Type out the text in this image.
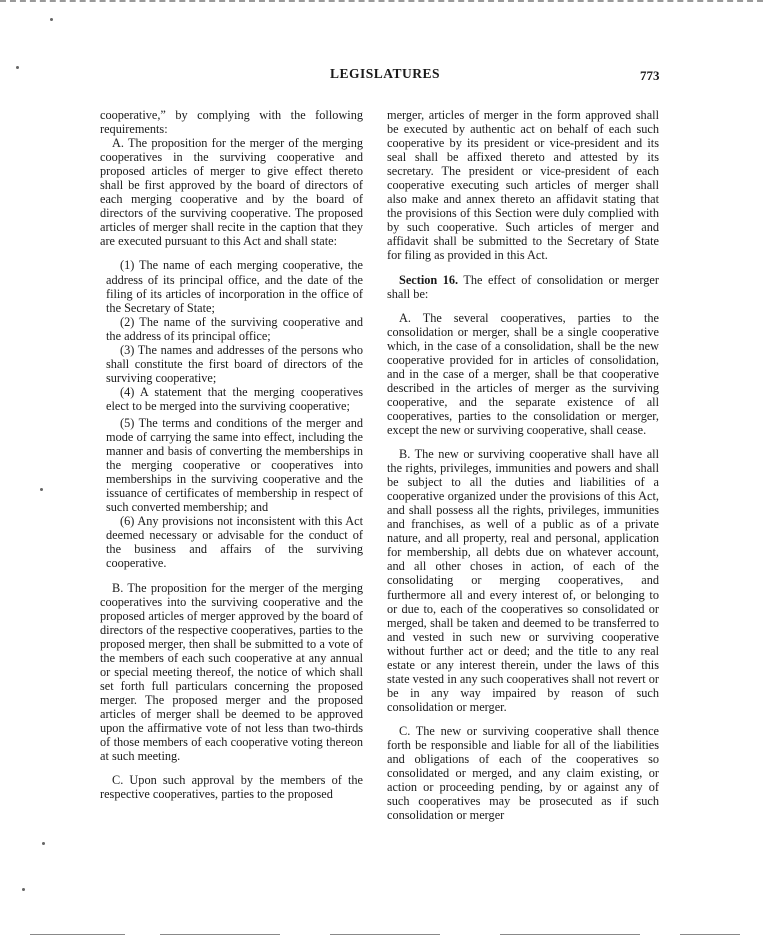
LEGISLATURES	773

cooperative,” by complying with the following requirements:

A. The proposition for the merger of the merging cooperatives in the surviving cooperative and proposed articles of merger to give effect thereto shall be first approved by the board of directors of each merging cooperative and by the board of directors of the surviving cooperative. The proposed articles of merger shall recite in the caption that they are executed pursuant to this Act and shall state:

(1) The name of each merging cooperative, the address of its principal office, and the date of the filing of its articles of incorporation in the office of the Secretary of State;

(2) The name of the surviving cooperative and the address of its principal office;

(3) The names and addresses of the persons who shall constitute the first board of directors of the surviving cooperative;

(4) A statement that the merging cooperatives elect to be merged into the surviving cooperative;

(5) The terms and conditions of the merger and mode of carrying the same into effect, including the manner and basis of converting the memberships in the merging cooperative or cooperatives into memberships in the surviving cooperative and the issuance of certificates of membership in respect of such converted membership; and

(6) Any provisions not inconsistent with this Act deemed necessary or advisable for the conduct of the business and affairs of the surviving cooperative.

B. The proposition for the merger of the merging cooperatives into the surviving cooperative and the proposed articles of merger approved by the board of directors of the respective cooperatives, parties to the proposed merger, then shall be submitted to a vote of the members of each such cooperative at any annual or special meeting thereof, the notice of which shall set forth full particulars concerning the proposed merger. The proposed merger and the proposed articles of merger shall be deemed to be approved upon the affirmative vote of not less than two-thirds of those members of each cooperative voting thereon at such meeting.

C. Upon such approval by the members of the respective cooperatives, parties to the proposed

merger, articles of merger in the form approved shall be executed by authentic act on behalf of each such cooperative by its president or vice-president and its seal shall be affixed thereto and attested by its secretary. The president or vice-president of each cooperative executing such articles of merger shall also make and annex thereto an affidavit stating that the provisions of this Section were duly complied with by such cooperative. Such articles of merger and affidavit shall be submitted to the Secretary of State for filing as provided in this Act.

Section 16. The effect of consolidation or merger shall be:

A. The several cooperatives, parties to the consolidation or merger, shall be a single cooperative which, in the case of a consolidation, shall be the new cooperative provided for in articles of consolidation, and in the case of a merger, shall be that cooperative described in the articles of merger as the surviving cooperative, and the separate existence of all cooperatives, parties to the consolidation or merger, except the new or surviving cooperative, shall cease.

B. The new or surviving cooperative shall have all the rights, privileges, immunities and powers and shall be subject to all the duties and liabilities of a cooperative organized under the provisions of this Act, and shall possess all the rights, privileges, immunities and franchises, as well of a public as of a private nature, and all property, real and personal, application for membership, all debts due on whatever account, and all other choses in action, of each of the consolidating or merging cooperatives, and furthermore all and every interest of, or belonging to or due to, each of the cooperatives so consolidated or merged, shall be taken and deemed to be transferred to and vested in such new or surviving cooperative without further act or deed; and the title to any real estate or any interest therein, under the laws of this state vested in any such cooperatives shall not revert or be in any way impaired by reason of such consolidation or merger.

C. The new or surviving cooperative shall thence forth be responsible and liable for all of the liabilities and obligations of each of the cooperatives so consolidated or merged, and any claim existing, or action or proceeding pending, by or against any of such cooperatives may be prosecuted as if such consolidation or merger
